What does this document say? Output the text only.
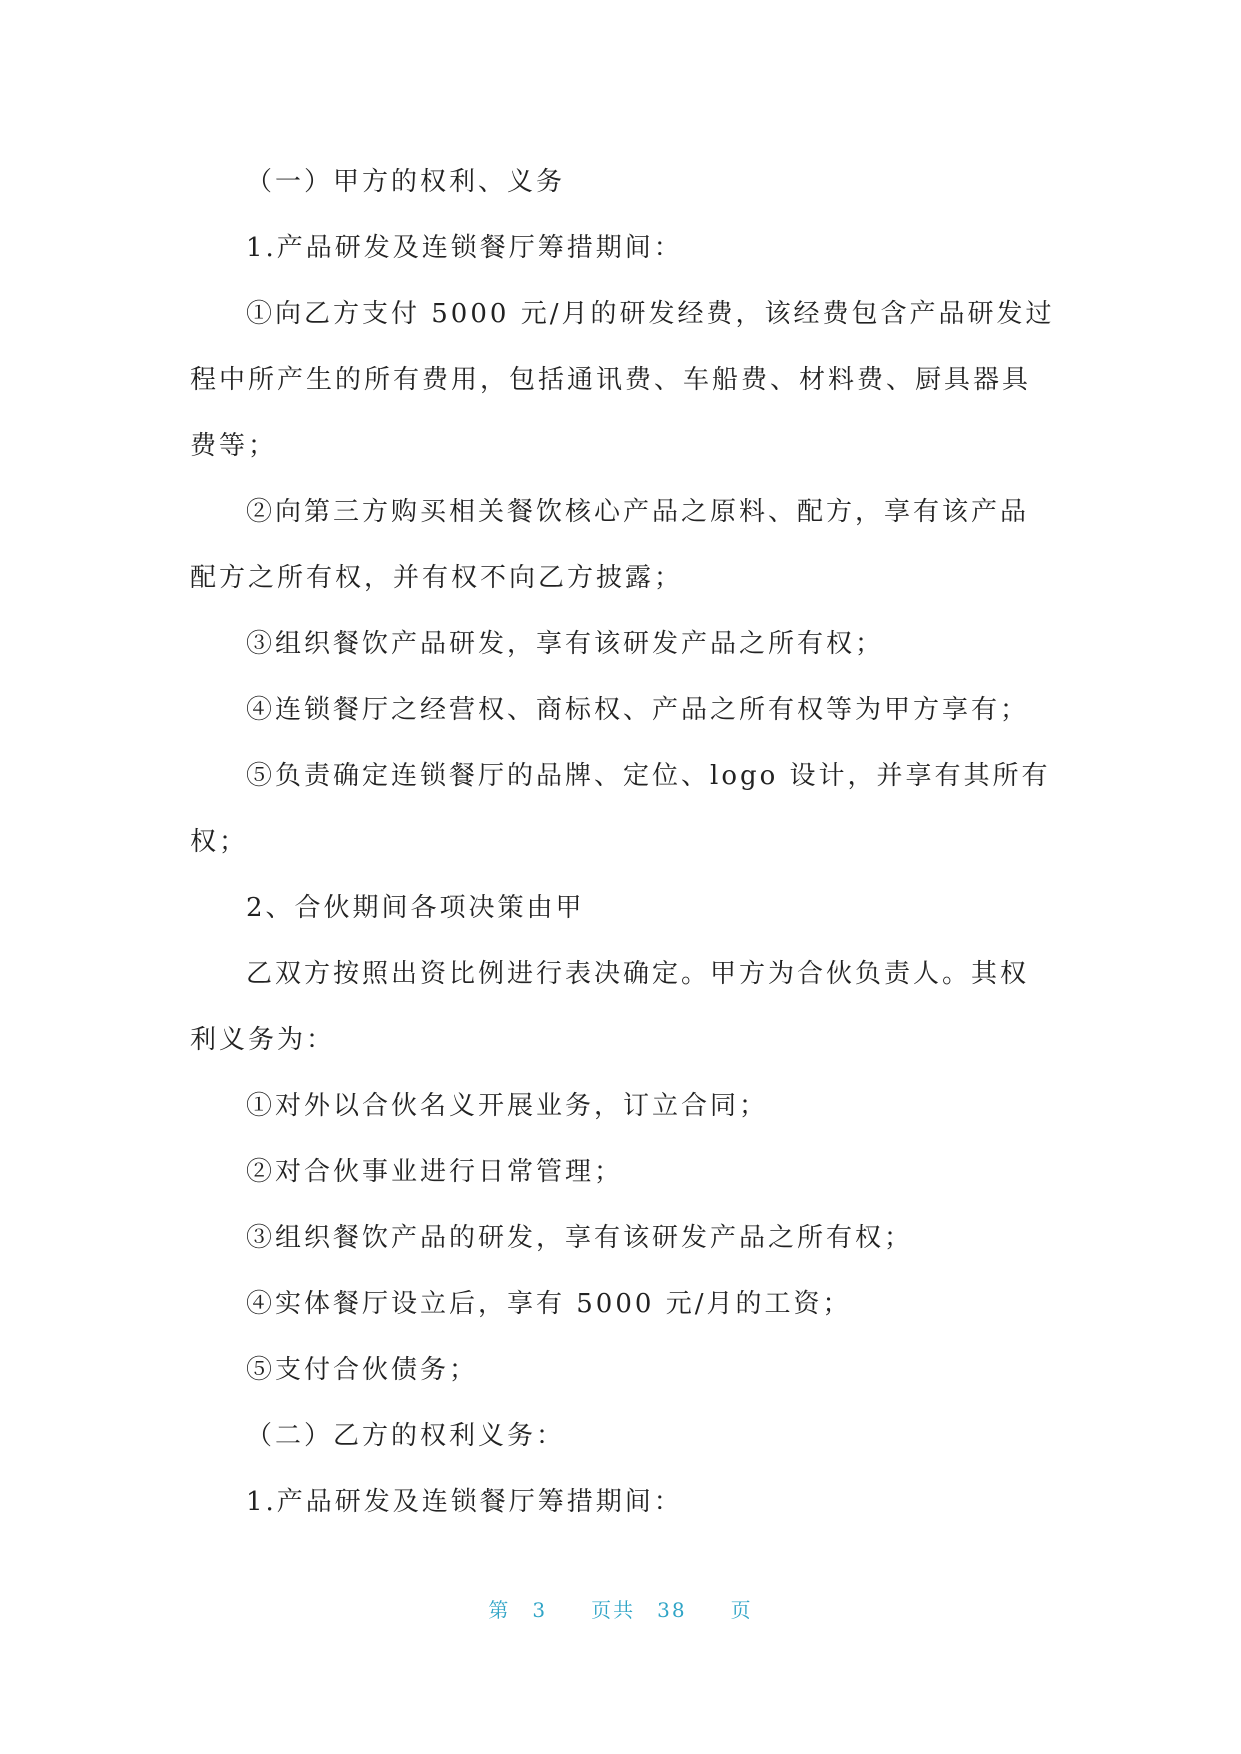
（一）甲方的权利、义务
1.产品研发及连锁餐厅筹措期间：
①向乙方支付 5000 元/月的研发经费，该经费包含产品研发过
程中所产生的所有费用，包括通讯费、车船费、材料费、厨具器具
费等；
②向第三方购买相关餐饮核心产品之原料、配方，享有该产品
配方之所有权，并有权不向乙方披露；
③组织餐饮产品研发，享有该研发产品之所有权；
④连锁餐厅之经营权、商标权、产品之所有权等为甲方享有；
⑤负责确定连锁餐厅的品牌、定位、logo 设计，并享有其所有
权；
2、合伙期间各项决策由甲
乙双方按照出资比例进行表决确定。甲方为合伙负责人。其权
利义务为：
①对外以合伙名义开展业务，订立合同；
②对合伙事业进行日常管理；
③组织餐饮产品的研发，享有该研发产品之所有权；
④实体餐厅设立后，享有 5000 元/月的工资；
⑤支付合伙债务；
（二）乙方的权利义务：
1.产品研发及连锁餐厅筹措期间：
第 3 页共 38 页
